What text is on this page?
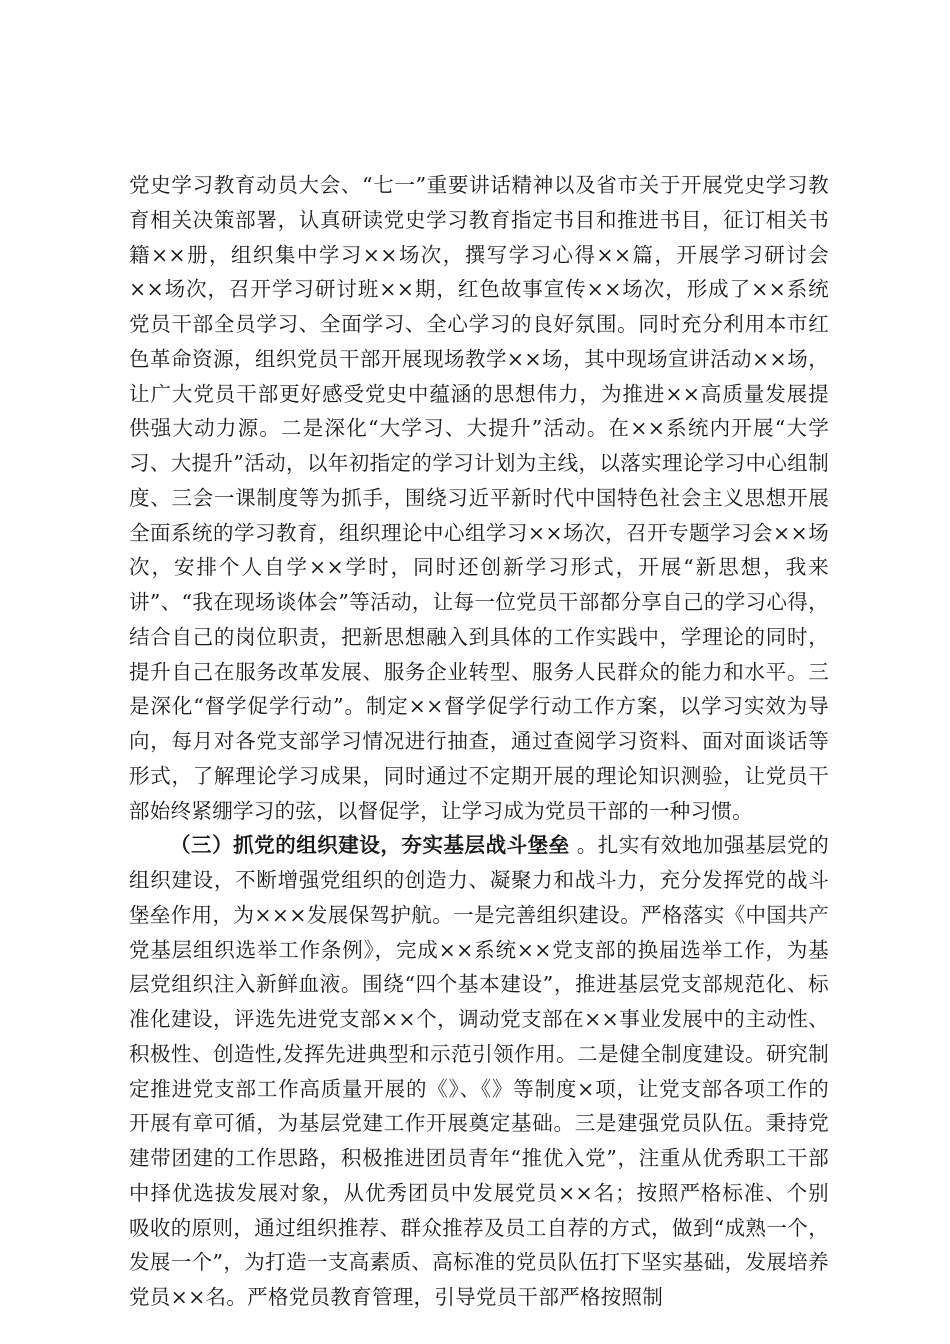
党史学习教育动员大会、“七一”重要讲话精神以及省市关于开展党史学习教育相关决策部署，认真研读党史学习教育指定书目和推进书目，征订相关书籍××册，组织集中学习××场次，撰写学习心得××篇，开展学习研讨会××场次，召开学习研讨班××期，红色故事宣传××场次，形成了××系统党员干部全员学习、全面学习、全心学习的良好氛围。同时充分利用本市红色革命资源，组织党员干部开展现场教学××场，其中现场宣讲活动××场，让广大党员干部更好感受党史中蕴涵的思想伟力，为推进××高质量发展提供强大动力源。二是深化“大学习、大提升”活动。在××系统内开展“大学习、大提升”活动，以年初指定的学习计划为主线，以落实理论学习中心组制度、三会一课制度等为抓手，围绕习近平新时代中国特色社会主义思想开展全面系统的学习教育，组织理论中心组学习××场次，召开专题学习会××场次，安排个人自学××学时，同时还创新学习形式，开展“新思想，我来讲”、“我在现场谈体会”等活动，让每一位党员干部都分享自己的学习心得，结合自己的岗位职责，把新思想融入到具体的工作实践中，学理论的同时，提升自己在服务改革发展、服务企业转型、服务人民群众的能力和水平。三是深化“督学促学行动”。制定××督学促学行动工作方案，以学习实效为导向，每月对各党支部学习情况进行抽查，通过查阅学习资料、面对面谈话等形式，了解理论学习成果，同时通过不定期开展的理论知识测验，让党员干部始终紧绷学习的弦，以督促学，让学习成为党员干部的一种习惯。

（三）抓党的组织建设，夯实基层战斗堡垒 。扎实有效地加强基层党的组织建设，不断增强党组织的创造力、凝聚力和战斗力，充分发挥党的战斗堡垒作用，为×××发展保驾护航。一是完善组织建设。严格落实《中国共产党基层组织选举工作条例》，完成××系统××党支部的换届选举工作，为基层党组织注入新鲜血液。围绕“四个基本建设”，推进基层党支部规范化、标准化建设，评选先进党支部××个，调动党支部在××事业发展中的主动性、积极性、创造性,发挥先进典型和示范引领作用。二是健全制度建设。研究制定推进党支部工作高质量开展的《》、《》等制度×项，让党支部各项工作的开展有章可循，为基层党建工作开展奠定基础。三是建强党员队伍。秉持党建带团建的工作思路，积极推进团员青年“推优入党”，注重从优秀职工干部中择优选拔发展对象，从优秀团员中发展党员××名；按照严格标准、个别吸收的原则，通过组织推荐、群众推荐及员工自荐的方式，做到“成熟一个，发展一个”，为打造一支高素质、高标准的党员队伍打下坚实基础，发展培养党员××名。严格党员教育管理，引导党员干部严格按照制
